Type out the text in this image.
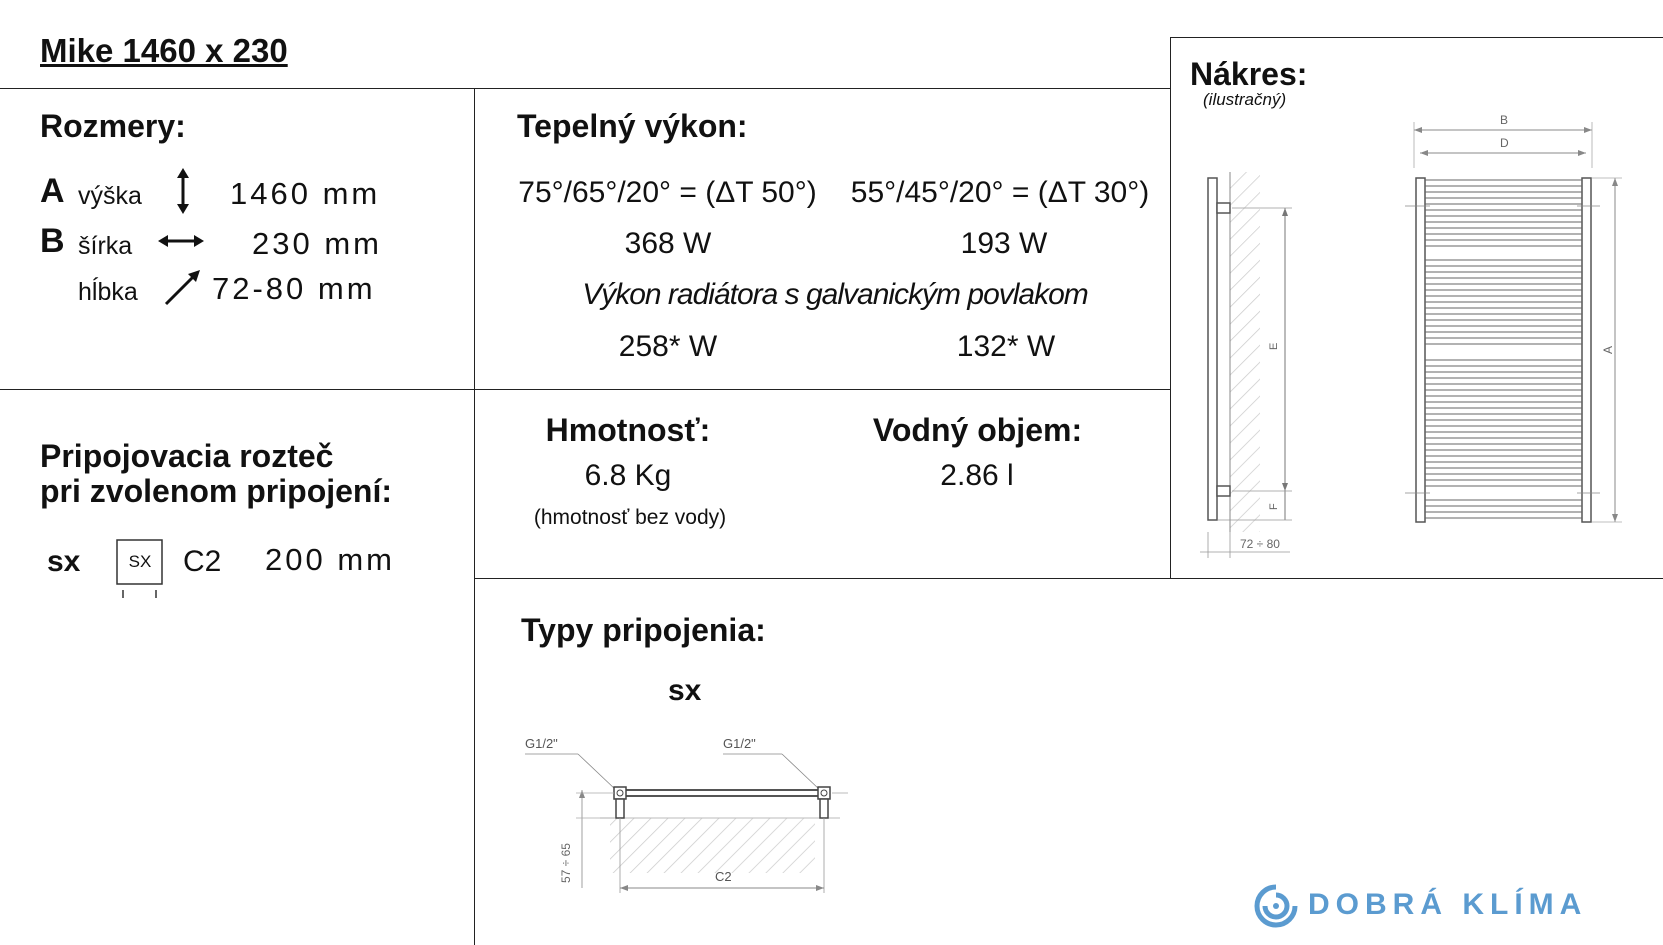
Mike 1460 x 230
Rozmery:
A výška	1460 mm
B šírka	230 mm
hĺbka 72-80 mm
Tepelný výkon:
75°/65°/20° = (ΔT 50°)	55°/45°/20° = (ΔT 30°)
368 W	193 W
Výkon radiátora s galvanickým povlakom
258* W	132* W
Pripojovacia rozteč
pri zvolenom pripojení:
sx	SX	C2 200 mm
Hmotnosť:
6.8 Kg
(hmotnosť bez vody)
Vodný objem:
2.86 l
Nákres:
(ilustračný)
E
F
72 ÷ 80
B
D
A
Typy pripojenia:
sx
G1/2"	G1/2"
57 ÷ 65	C2
DOBRÁ KLÍMA
